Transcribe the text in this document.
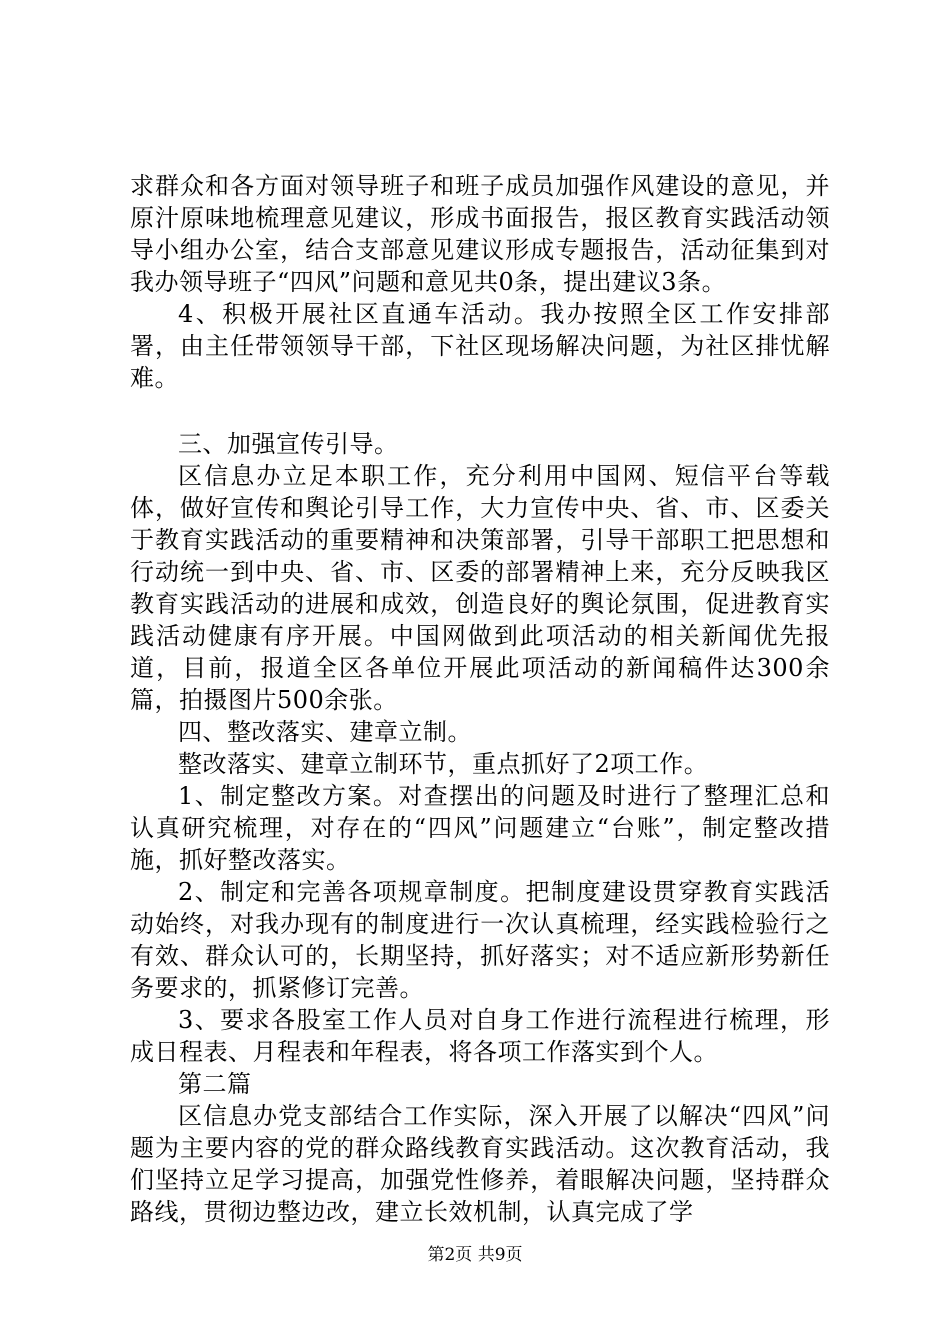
求群众和各方面对领导班子和班子成员加强作风建设的意见，并原汁原味地梳理意见建议，形成书面报告，报区教育实践活动领导小组办公室，结合支部意见建议形成专题报告，活动征集到对我办领导班子“四风”问题和意见共0条，提出建议3条。

4、积极开展社区直通车活动。我办按照全区工作安排部署，由主任带领领导干部，下社区现场解决问题，为社区排忧解难。

三、加强宣传引导。

区信息办立足本职工作，充分利用中国网、短信平台等载体，做好宣传和舆论引导工作，大力宣传中央、省、市、区委关于教育实践活动的重要精神和决策部署，引导干部职工把思想和行动统一到中央、省、市、区委的部署精神上来，充分反映我区教育实践活动的进展和成效，创造良好的舆论氛围，促进教育实践活动健康有序开展。中国网做到此项活动的相关新闻优先报道，目前，报道全区各单位开展此项活动的新闻稿件达300余篇，拍摄图片500余张。

四、整改落实、建章立制。

整改落实、建章立制环节，重点抓好了2项工作。

1、制定整改方案。对查摆出的问题及时进行了整理汇总和认真研究梳理，对存在的“四风”问题建立“台账”，制定整改措施，抓好整改落实。

2、制定和完善各项规章制度。把制度建设贯穿教育实践活动始终，对我办现有的制度进行一次认真梳理，经实践检验行之有效、群众认可的，长期坚持，抓好落实；对不适应新形势新任务要求的，抓紧修订完善。

3、要求各股室工作人员对自身工作进行流程进行梳理，形成日程表、月程表和年程表，将各项工作落实到个人。

第二篇

区信息办党支部结合工作实际，深入开展了以解决“四风”问题为主要内容的党的群众路线教育实践活动。这次教育活动，我们坚持立足学习提高，加强党性修养，着眼解决问题，坚持群众路线，贯彻边整边改，建立长效机制，认真完成了学

第2页 共9页
